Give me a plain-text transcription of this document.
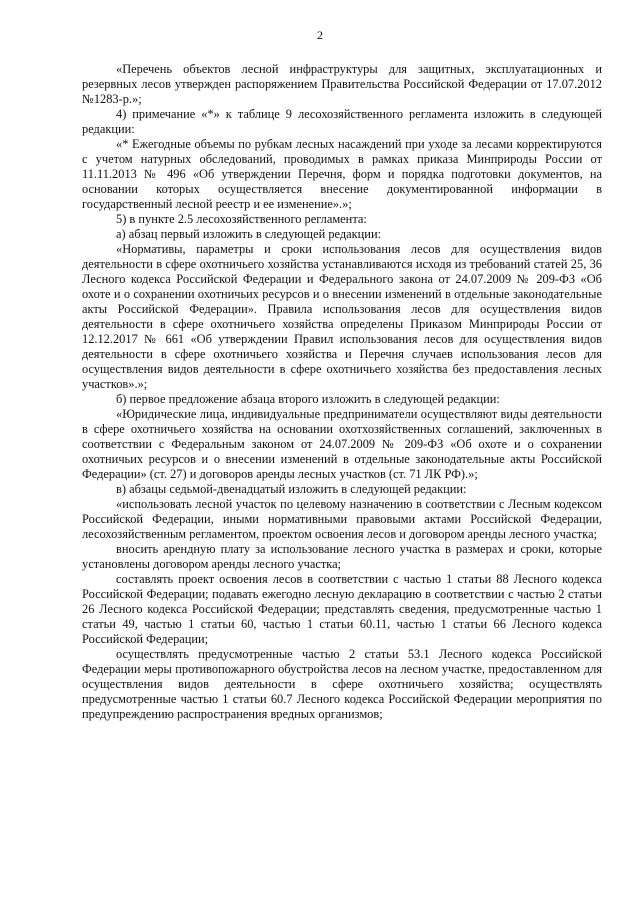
2

«Перечень объектов лесной инфраструктуры для защитных, эксплуатационных и резервных лесов утвержден распоряжением Правительства Российской Федерации от 17.07.2012 №1283-р.»;

4) примечание «*» к таблице 9 лесохозяйственного регламента изложить в следующей редакции:

«* Ежегодные объемы по рубкам лесных насаждений при уходе за лесами корректируются с учетом натурных обследований, проводимых в рамках приказа Минприроды России от 11.11.2013 № 496 «Об утверждении Перечня, форм и порядка подготовки документов, на основании которых осуществляется внесение документированной информации в государственный лесной реестр и ее изменение».»;

5) в пункте 2.5 лесохозяйственного регламента:

а) абзац первый изложить в следующей редакции:

«Нормативы, параметры и сроки использования лесов для осуществления видов деятельности в сфере охотничьего хозяйства устанавливаются исходя из требований статей 25, 36 Лесного кодекса Российской Федерации и Федерального закона от 24.07.2009 № 209-ФЗ «Об охоте и о сохранении охотничьих ресурсов и о внесении изменений в отдельные законодательные акты Российской Федерации». Правила использования лесов для осуществления видов деятельности в сфере охотничьего хозяйства определены Приказом Минприроды России от 12.12.2017 № 661 «Об утверждении Правил использования лесов для осуществления видов деятельности в сфере охотничьего хозяйства и Перечня случаев использования лесов для осуществления видов деятельности в сфере охотничьего хозяйства без предоставления лесных участков».»;

б) первое предложение абзаца второго изложить в следующей редакции:

«Юридические лица, индивидуальные предприниматели осуществляют виды деятельности в сфере охотничьего хозяйства на основании охотхозяйственных соглашений, заключенных в соответствии с Федеральным законом от 24.07.2009 № 209-ФЗ «Об охоте и о сохранении охотничьих ресурсов и о внесении изменений в отдельные законодательные акты Российской Федерации» (ст. 27) и договоров аренды лесных участков (ст. 71 ЛК РФ).»;

в) абзацы седьмой-двенадцатый изложить в следующей редакции:

«использовать лесной участок по целевому назначению в соответствии с Лесным кодексом Российской Федерации, иными нормативными правовыми актами Российской Федерации, лесохозяйственным регламентом, проектом освоения лесов и договором аренды лесного участка;

вносить арендную плату за использование лесного участка в размерах и сроки, которые установлены договором аренды лесного участка;

составлять проект освоения лесов в соответствии с частью 1 статьи 88 Лесного кодекса Российской Федерации; подавать ежегодно лесную декларацию в соответствии с частью 2 статьи 26 Лесного кодекса Российской Федерации; представлять сведения, предусмотренные частью 1 статьи 49, частью 1 статьи 60, частью 1 статьи 60.11, частью 1 статьи 66 Лесного кодекса Российской Федерации;

осуществлять предусмотренные частью 2 статьи 53.1 Лесного кодекса Российской Федерации меры противопожарного обустройства лесов на лесном участке, предоставленном для осуществления видов деятельности в сфере охотничьего хозяйства; осуществлять предусмотренные частью 1 статьи 60.7 Лесного кодекса Российской Федерации мероприятия по предупреждению распространения вредных организмов;
